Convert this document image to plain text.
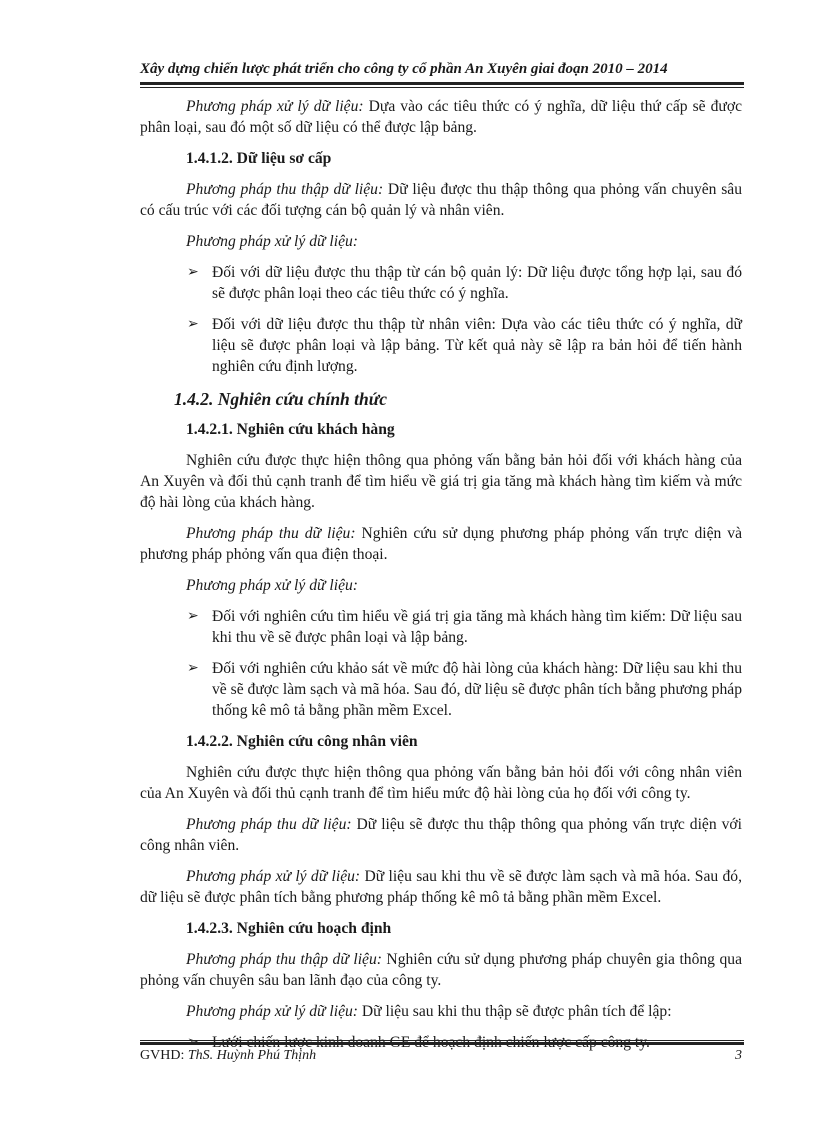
Xây dựng chiến lược phát triển cho công ty cổ phần An Xuyên giai đoạn 2010 – 2014

Phương pháp xử lý dữ liệu: Dựa vào các tiêu thức có ý nghĩa, dữ liệu thứ cấp sẽ được phân loại, sau đó một số dữ liệu có thể được lập bảng.

1.4.1.2. Dữ liệu sơ cấp

Phương pháp thu thập dữ liệu: Dữ liệu được thu thập thông qua phỏng vấn chuyên sâu có cấu trúc với các đối tượng cán bộ quản lý và nhân viên.

Phương pháp xử lý dữ liệu:

➢ Đối với dữ liệu được thu thập từ cán bộ quản lý: Dữ liệu được tổng hợp lại, sau đó sẽ được phân loại theo các tiêu thức có ý nghĩa.
➢ Đối với dữ liệu được thu thập từ nhân viên: Dựa vào các tiêu thức có ý nghĩa, dữ liệu sẽ được phân loại và lập bảng. Từ kết quả này sẽ lập ra bản hỏi để tiến hành nghiên cứu định lượng.
1.4.2. Nghiên cứu chính thức
1.4.2.1. Nghiên cứu khách hàng

Nghiên cứu được thực hiện thông qua phỏng vấn bằng bản hỏi đối với khách hàng của An Xuyên và đối thủ cạnh tranh để tìm hiểu về giá trị gia tăng mà khách hàng tìm kiếm và mức độ hài lòng của khách hàng.

Phương pháp thu dữ liệu: Nghiên cứu sử dụng phương pháp phỏng vấn trực diện và phương pháp phỏng vấn qua điện thoại.

Phương pháp xử lý dữ liệu:

➢ Đối với nghiên cứu tìm hiểu về giá trị gia tăng mà khách hàng tìm kiếm: Dữ liệu sau khi thu về sẽ được phân loại và lập bảng.
➢ Đối với nghiên cứu khảo sát về mức độ hài lòng của khách hàng: Dữ liệu sau khi thu về sẽ được làm sạch và mã hóa. Sau đó, dữ liệu sẽ được phân tích bằng phương pháp thống kê mô tả bằng phần mềm Excel.
1.4.2.2. Nghiên cứu công nhân viên

Nghiên cứu được thực hiện thông qua phỏng vấn bằng bản hỏi đối với công nhân viên của An Xuyên và đối thủ cạnh tranh để tìm hiểu mức độ hài lòng của họ đối với công ty.

Phương pháp thu dữ liệu: Dữ liệu sẽ được thu thập thông qua phỏng vấn trực diện với công nhân viên.

Phương pháp xử lý dữ liệu: Dữ liệu sau khi thu về sẽ được làm sạch và mã hóa. Sau đó, dữ liệu sẽ được phân tích bằng phương pháp thống kê mô tả bằng phần mềm Excel.

1.4.2.3. Nghiên cứu hoạch định

Phương pháp thu thập dữ liệu: Nghiên cứu sử dụng phương pháp chuyên gia thông qua phỏng vấn chuyên sâu ban lãnh đạo của công ty.

Phương pháp xử lý dữ liệu: Dữ liệu sau khi thu thập sẽ được phân tích để lập:

➢ Lưới chiến lược kinh doanh GE để hoạch định chiến lược cấp công ty.
GVHD: ThS. Huỳnh Phú Thịnh	3
